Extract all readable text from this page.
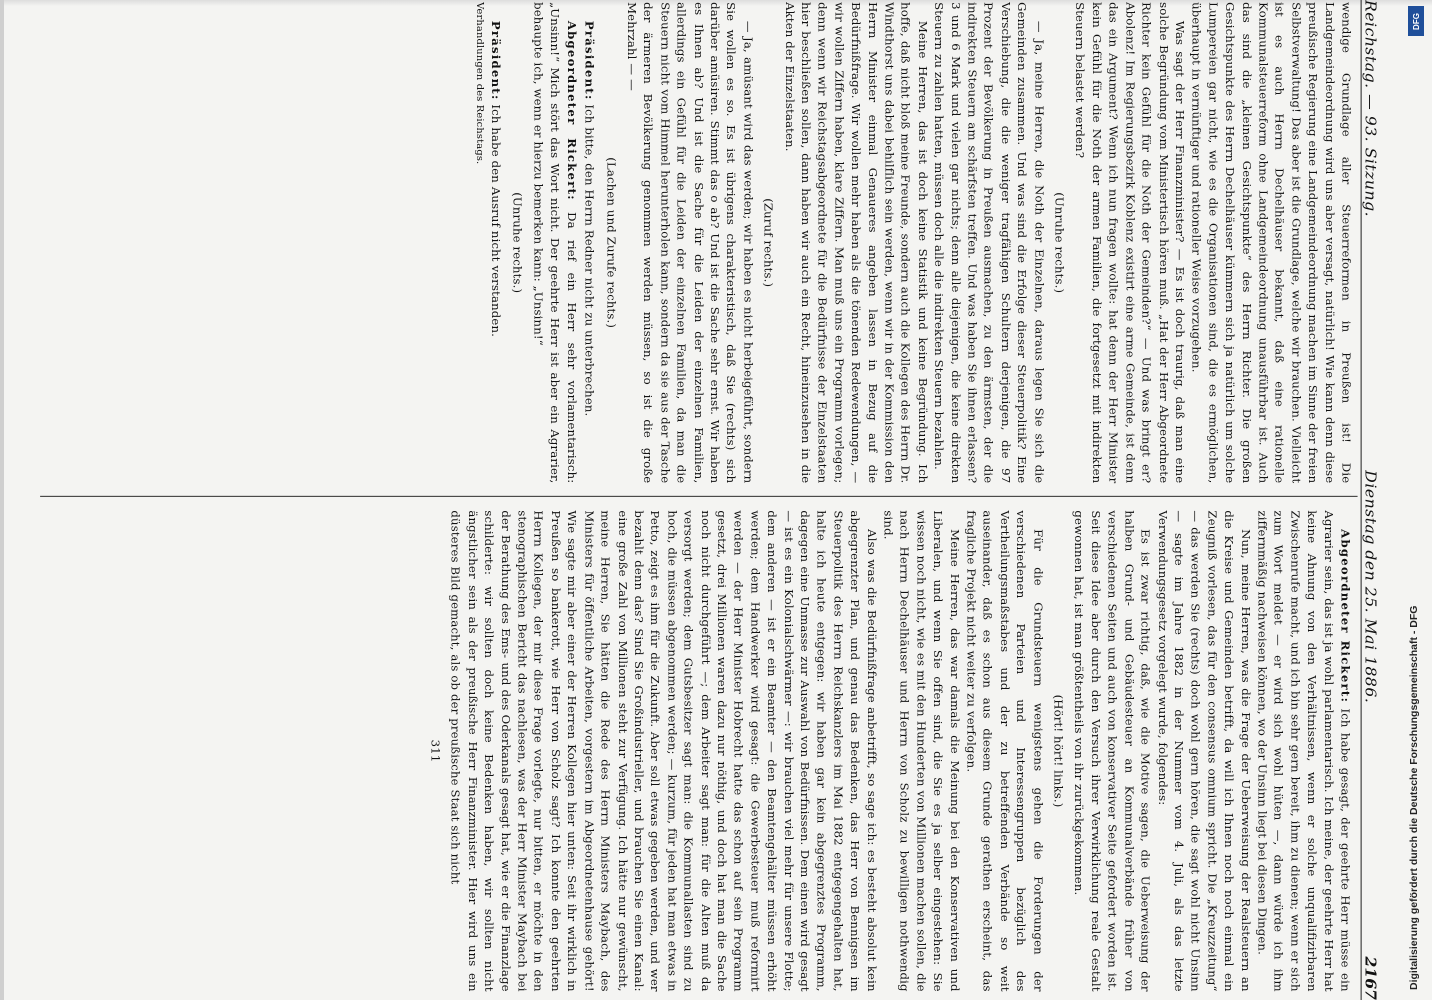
Reichstag. — 93. Sitzung.
Dienstag den 25. Mai 1886.
2167

wendige Grundlage aller Steuerreformen in Preußen ist! Die Landgemeindeordnung wird uns aber versagt, natürlich! Wie kann denn diese preußische Regierung eine Landgemeindeordnung machen im Sinne der freien Selbstverwaltung! Das aber ist die Grundlage, welche wir brauchen. Vielleicht ist es auch Herrn Dechelhäuser bekannt, daß eine rationelle Kommunalsteuerreform ohne Landgemeindeordnung unausführbar ist. Auch das sind die „kleinen Gesichtspunkte“ des Herrn Richter. Die großen Gesichtspunkte des Herrn Dechelhäuser kümmern sich ja natürlich um solche Lumpereien gar nicht, wie es die Organisationen sind, die es ermöglichen, überhaupt in vernünftiger und rationeller Weise vorzugehen.

Was sagt der Herr Finanzminister? — Es ist doch traurig, daß man eine solche Begründung vom Ministertisch hören muß. „Hat der Herr Abgeordnete Richter kein Gefühl für die Noth der Gemeinden?“ — Und was bringt er? Abolenz! Im Regierungsbezirk Koblenz existirt eine arme Gemeinde, ist denn das ein Argument? Wenn ich nun fragen wollte: hat denn der Herr Minister kein Gefühl für die Noth der armen Familien, die fortgesetzt mit indirekten Steuern belastet werden?

(Unruhe rechts.)

— Ja, meine Herren, die Noth der Einzelnen, daraus legen Sie sich die Gemeinden zusammen. Und was sind die Erfolge dieser Steuerpolitik? Eine Verschiebung, die die weniger tragfähigen Schultern derjenigen, die 97 Prozent der Bevölkerung in Preußen ausmachen, zu den ärmsten, der die indirekten Steuern am schärfsten treffen. Und was haben Sie ihnen erlassen? 3 und 6 Mark und vielen gar nichts; denn alle diejenigen, die keine direkten Steuern zu zahlen hatten, müssen doch alle die indirekten Steuern bezahlen.

Meine Herren, das ist doch keine Statistik und keine Begründung. Ich hoffe, daß nicht bloß meine Freunde, sondern auch die Kollegen des Herrn Dr. Windthorst uns dabei behilflich sein werden, wenn wir in der Kommission den Herrn Minister einmal Genaueres angeben lassen in Bezug auf die Bedürfnißfrage. Wir wollen mehr haben als die tönenden Redewendungen, — wir wollen Ziffern haben, klare Ziffern. Man muß uns ein Programm vorlegen; denn wenn wir Reichstagsabgeordnete für die Bedürfnisse der Einzelstaaten hier beschließen sollen, dann haben wir auch ein Recht, hineinzusehen in die Akten der Einzelstaaten.

(Zuruf rechts.)

— Ja, amüsant wird das werden; wir haben es nicht herbeigeführt, sondern Sie wollen es so. Es ist übrigens charakteristisch, daß Sie (rechts) sich darüber amüsiren. Stimmt das o ab? Und ist die Sache sehr ernst. Wir haben es Ihnen ab? Und ist die Sache für die Leiden der einzelnen Familien, allerdings ein Gefühl für die Leiden der einzelnen Familien, da man die Steuern nicht vom Himmel herunterholen kann, sondern da sie aus der Tasche der ärmeren Bevölkerung genommen werden müssen, so ist die große Mehrzahl — —

(Lachen und Zurufe rechts.)

Präsident: Ich bitte, den Herrn Redner nicht zu unterbrechen.

Abgeordneter Rickert: Da rief ein Herr sehr vorlamentarisch: „Unsinn!“ Mich stört das Wort nicht. Der geehrte Herr ist aber ein Agrarier, behaupte ich, wenn er hierzu bemerken kann: „Unsinn!“

(Unruhe rechts.)

Präsident: Ich habe den Ausruf nicht verstanden.

Verhandlungen des Reichstags.

Abgeordneter Rickert: Ich habe gesagt, der geehrte Herr müsse ein Agrarier sein, das ist ja wohl parlamentarisch. Ich meine, der geehrte Herr hat keine Ahnung von den Verhältnissen, wenn er solche unqualifizirbaren Zwischenrufe macht, und ich bin sehr gern bereit, ihm zu dienen; wenn er sich zum Wort meldet — er wird sich wohl hüten —, dann würde ich ihm ziffernmäßig nachweisen können, wo der Unsinn liegt bei diesen Dingen.

Nun, meine Herren, was die Frage der Ueberweisung der Realsteuern an die Kreise und Gemeinden betrifft, da will ich Ihnen noch noch einmal ein Zeugniß vorlesen, das für den consensus omnium spricht. Die „Kreuzzeitung“ — das werden Sie (rechts) doch wohl gern hören, die sagt wohl nicht Unsinn — sagte im Jahre 1882 in der Nummer vom 4. Juli, als das letzte Verwendungsgesetz vorgelegt wurde, folgendes:

Es ist zwar richtig, daß, wie die Motive sagen, die Ueberweisung der halben Grund- und Gebäudesteuer an Kommunalverbände früher von verschiedenen Seiten und auch von konservativer Seite gefordert worden ist. Seit diese Idee aber durch den Versuch ihrer Verwirklichung reale Gestalt gewonnen hat, ist man größtentheils von ihr zurückgekommen.

(Hört! hört! links.)

Für die Grundsteuern wenigstens gehen die Forderungen der verschiedenen Parteien und Interessengruppen bezüglich des Vertheilungsmaßstabes und der zu betreffenden Verbände so weit auseinander, daß es schon aus diesem Grunde gerathen erscheint, das fragliche Projekt nicht weiter zu verfolgen.

Meine Herren, das war damals die Meinung bei den Konservativen und Liberalen, und wenn Sie offen sind, die Sie es ja selber eingestehen: Sie wissen noch nicht, wie es mit den Hunderten von Millionen machen sollen, die nach Herrn Dechelhäuser und Herrn von Scholz zu bewilligen nothwendig sind.

Also was die Bedürfnißfrage anbetrifft, so sage ich: es besteht absolut kein abgegrenzter Plan, und genau das Bedenken, das Herr von Bennigsen im Steuerpolitik des Herrn Reichskanzlers im Mai 1882 entgegengehalten hat, halte ich heute entgegen: wir haben gar kein abgegrenztes Programm, dagegen eine Unmasse zur Auswahl von Bedürfnissen. Dem einen wird gesagt — ist es ein Kolonialschwärmer —: wir brauchen viel mehr für unsere Flotte; dem anderen — ist er ein Beamter — den Beamtengehälter müssen erhöht werden; dem Handwerker wird gesagt: die Gewerbesteuer muß reformirt werden — der Herr Minister Hobrecht hatte das schon auf sein Programm gesetzt, drei Millionen waren dazu nur nöthig, und doch hat man die Sache noch nicht durchgeführt —; dem Arbeiter sagt man: für die Alten muß da versorgt werden; dem Gutsbesitzer sagt man: die Kommunallasten sind zu hoch, die müssen abgenommen werden; — kurzum, für jeden hat man etwas in Petto, zeigt es ihm für die Zukunft. Aber soll etwas gegeben werden, und wer bezahlt denn das? Sind Sie Großindustrieller, und brauchen Sie einen Kanal: eine große Zahl von Millionen steht zur Verfügung. Ich hätte nur gewünscht, meine Herren, Sie hätten die Rede des Herrn Ministers Maybach, des Ministers für öffentliche Arbeiten, vorgestern im Abgeordnetenhause gehört! Wie sagte mir aber einer der Herren Kollegen hier unten: Seit ihr wirklich in Preußen so bankerott, wie Herr von Scholz sagt? Ich konnte den geehrten Herrn Kollegen, der mir diese Frage vorlegte, nur bitten, er möchte in den stenographischen Bericht das nachlesen, was der Herr Minister Maybach bei der Berathung des Ems- und des Oderkanals gesagt hat, wie er die Finanzlage schilderte: wir sollten doch keine Bedenken haben, wir sollten nicht ängstlicher sein als der preußische Herr Finanzminister. Hier wird uns ein düsteres Bild gemacht, als ob der preußische Staat sich nicht

311

DFG
Digitalisierung gefördert durch die Deutsche Forschungsgemeinschaft - DFG
